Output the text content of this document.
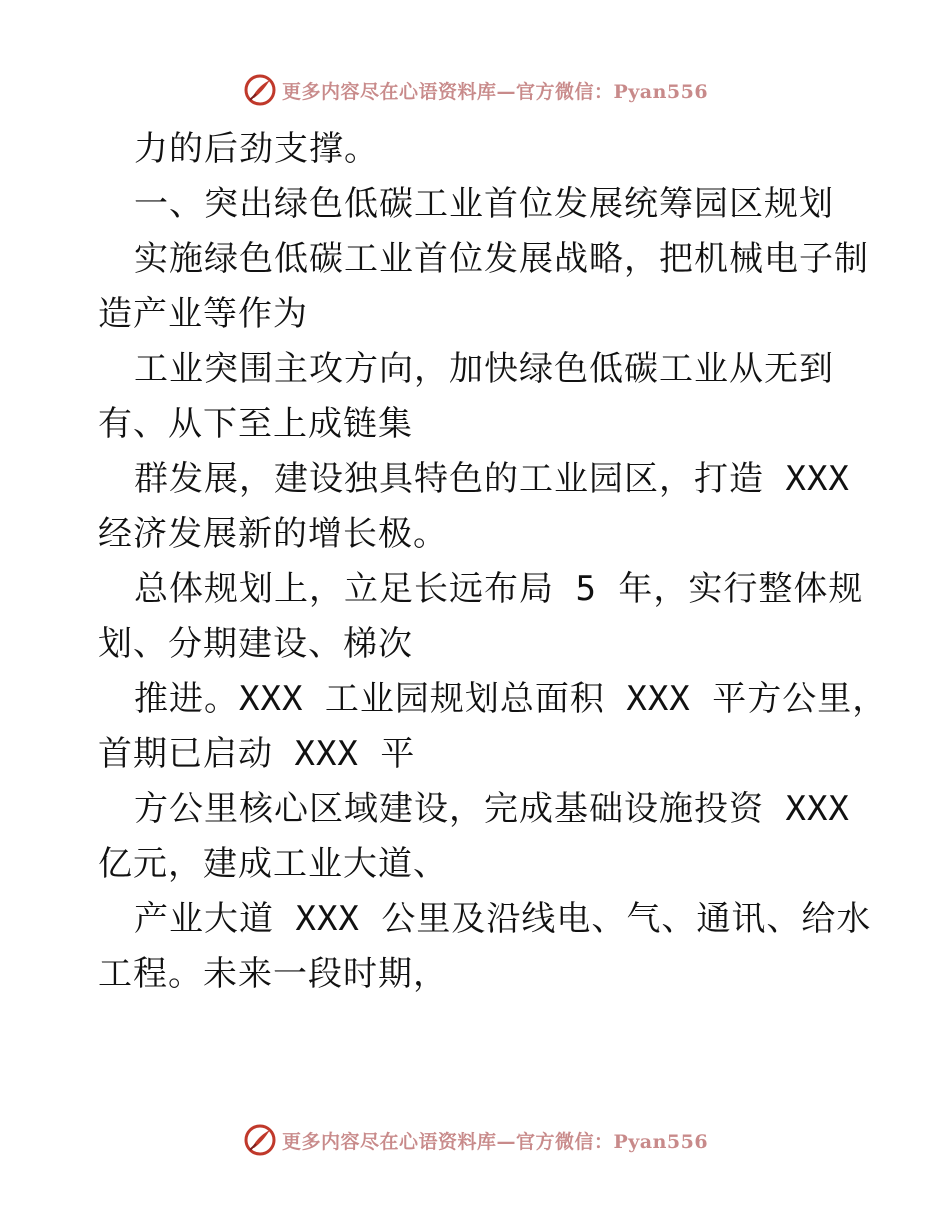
更多内容尽在心语资料库—官方微信：Pyan556
力的后劲支撑。
一、突出绿色低碳工业首位发展统筹园区规划
实施绿色低碳工业首位发展战略，把机械电子制
造产业等作为
工业突围主攻方向，加快绿色低碳工业从无到
有、从下至上成链集
群发展，建设独具特色的工业园区，打造 XXX
经济发展新的增长极。
总体规划上，立足长远布局 5 年，实行整体规
划、分期建设、梯次
推进。XXX 工业园规划总面积 XXX 平方公里，
首期已启动 XXX 平
方公里核心区域建设，完成基础设施投资 XXX
亿元，建成工业大道、
产业大道 XXX 公里及沿线电、气、通讯、给水
工程。未来一段时期，
更多内容尽在心语资料库—官方微信：Pyan556
